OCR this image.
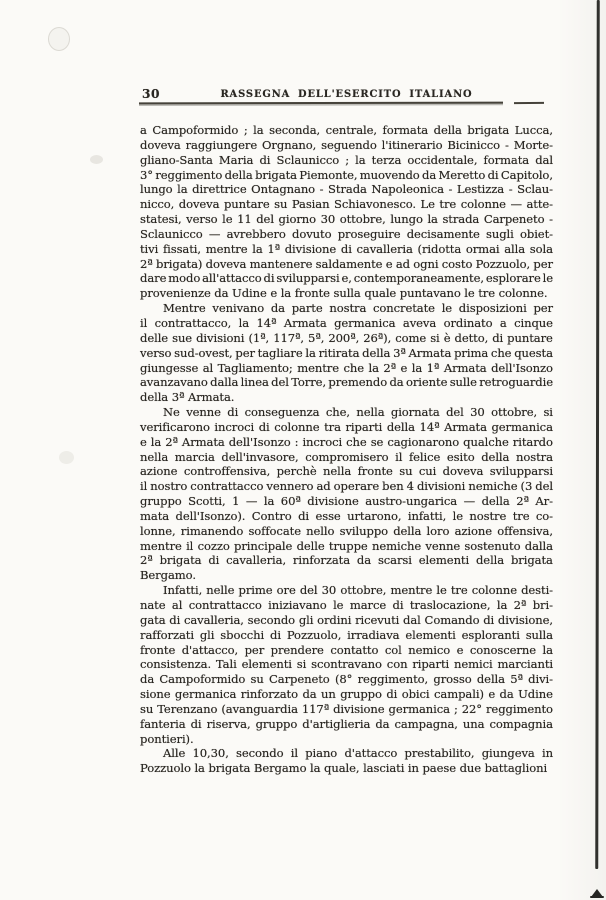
30	RASSEGNA DELL'ESERCITO ITALIANO
a Campoformido ; la seconda, centrale, formata della brigata Lucca,
doveva raggiungere Orgnano, seguendo l'itinerario Bicinicco - Morte-
gliano-Santa Maria di Sclaunicco ; la terza occidentale, formata dal
3° reggimento della brigata Piemonte, muovendo da Meretto di Capitolo,
lungo la direttrice Ontagnano - Strada Napoleonica - Lestizza - Sclau-
nicco, doveva puntare su Pasian Schiavonesco. Le tre colonne — atte-
statesi, verso le 11 del giorno 30 ottobre, lungo la strada Carpeneto -
Sclaunicco — avrebbero dovuto proseguire decisamente sugli obiet-
tivi fissati, mentre la 1ª divisione di cavalleria (ridotta ormai alla sola
2ª brigata) doveva mantenere saldamente e ad ogni costo Pozzuolo, per
dare modo all'attacco di svilupparsi e, contemporaneamente, esplorare le
provenienze da Udine e la fronte sulla quale puntavano le tre colonne.
Mentre venivano da parte nostra concretate le disposizioni per
il contrattacco, la 14ª Armata germanica aveva ordinato a cinque
delle sue divisioni (1ª, 117ª, 5ª, 200ª, 26ª), come si è detto, di puntare
verso sud-ovest, per tagliare la ritirata della 3ª Armata prima che questa
giungesse al Tagliamento; mentre che la 2ª e la 1ª Armata dell'Isonzo
avanzavano dalla linea del Torre, premendo da oriente sulle retroguardie
della 3ª Armata.
Ne venne di conseguenza che, nella giornata del 30 ottobre, si
verificarono incroci di colonne tra riparti della 14ª Armata germanica
e la 2ª Armata dell'Isonzo : incroci che se cagionarono qualche ritardo
nella marcia dell'invasore, compromisero il felice esito della nostra
azione controffensiva, perchè nella fronte su cui doveva svilupparsi
il nostro contrattacco vennero ad operare ben 4 divisioni nemiche (3 del
gruppo Scotti, 1 — la 60ª divisione austro-ungarica — della 2ª Ar-
mata dell'Isonzo). Contro di esse urtarono, infatti, le nostre tre co-
lonne, rimanendo soffocate nello sviluppo della loro azione offensiva,
mentre il cozzo principale delle truppe nemiche venne sostenuto dalla
2ª brigata di cavalleria, rinforzata da scarsi elementi della brigata
Bergamo.
Infatti, nelle prime ore del 30 ottobre, mentre le tre colonne desti-
nate al contrattacco iniziavano le marce di traslocazione, la 2ª bri-
gata di cavalleria, secondo gli ordini ricevuti dal Comando di divisione,
rafforzati gli sbocchi di Pozzuolo, irradiava elementi esploranti sulla
fronte d'attacco, per prendere contatto col nemico e conoscerne la
consistenza. Tali elementi si scontravano con riparti nemici marcianti
da Campoformido su Carpeneto (8° reggimento, grosso della 5ª divi-
sione germanica rinforzato da un gruppo di obici campali) e da Udine
su Terenzano (avanguardia 117ª divisione germanica ; 22° reggimento
fanteria di riserva, gruppo d'artiglieria da campagna, una compagnia
pontieri).
Alle 10,30, secondo il piano d'attacco prestabilito, giungeva in
Pozzuolo la brigata Bergamo la quale, lasciati in paese due battaglioni
